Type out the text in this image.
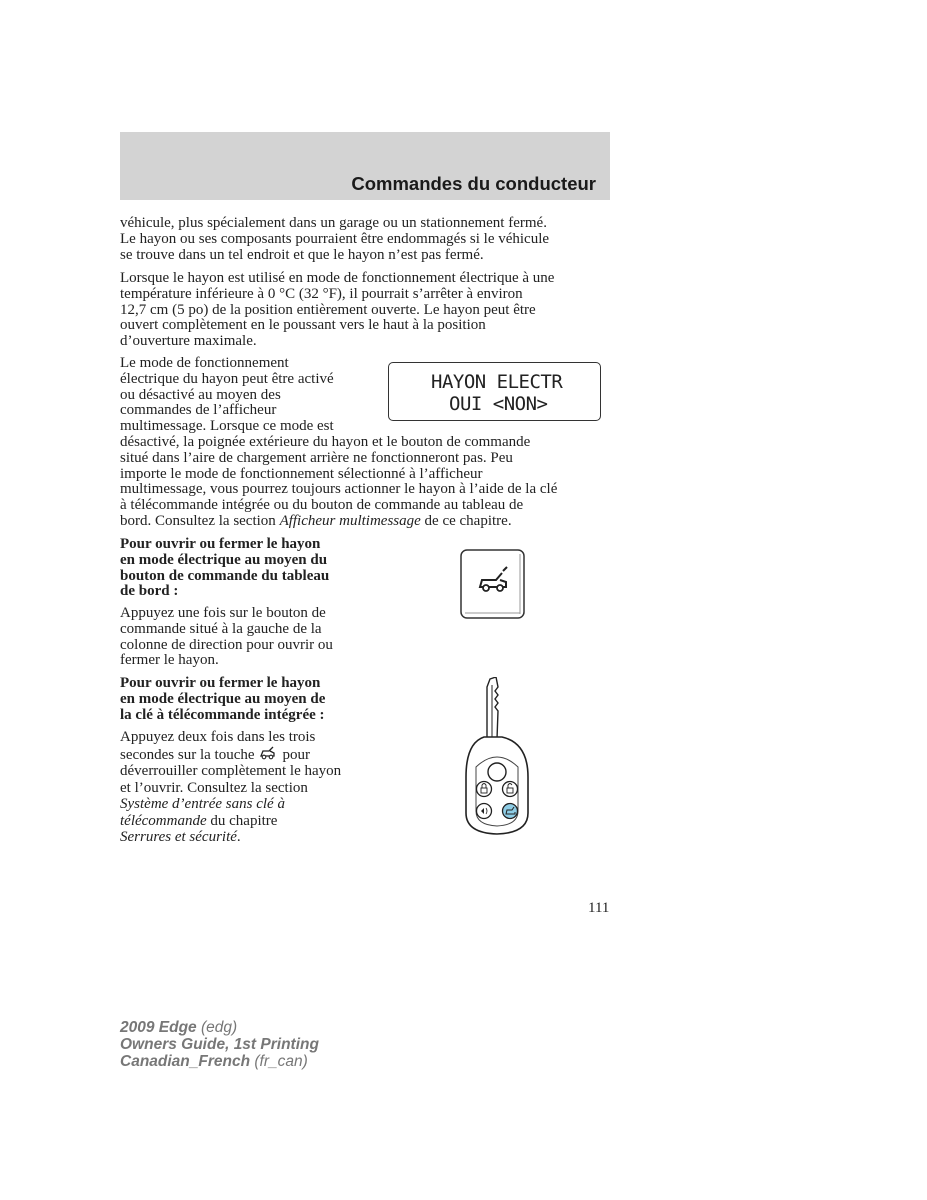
Commandes du conducteur
véhicule, plus spécialement dans un garage ou un stationnement fermé.
Le hayon ou ses composants pourraient être endommagés si le véhicule
se trouve dans un tel endroit et que le hayon n’est pas fermé.
Lorsque le hayon est utilisé en mode de fonctionnement électrique à une
température inférieure à 0 °C (32 °F), il pourrait s’arrêter à environ
12,7 cm (5 po) de la position entièrement ouverte. Le hayon peut être
ouvert complètement en le poussant vers le haut à la position
d’ouverture maximale.
Le mode de fonctionnement
électrique du hayon peut être activé
ou désactivé au moyen des
commandes de l’afficheur
multimessage. Lorsque ce mode est
désactivé, la poignée extérieure du hayon et le bouton de commande
situé dans l’aire de chargement arrière ne fonctionneront pas. Peu
importe le mode de fonctionnement sélectionné à l’afficheur
multimessage, vous pourrez toujours actionner le hayon à l’aide de la clé
à télécommande intégrée ou du bouton de commande au tableau de
bord. Consultez la section Afficheur multimessage de ce chapitre.
HAYON ELECTR
OUI <NON>
Pour ouvrir ou fermer le hayon
en mode électrique au moyen du
bouton de commande du tableau
de bord :
Appuyez une fois sur le bouton de
commande situé à la gauche de la
colonne de direction pour ouvrir ou
fermer le hayon.
Pour ouvrir ou fermer le hayon
en mode électrique au moyen de
la clé à télécommande intégrée :
Appuyez deux fois dans les trois
secondes sur la touche pour
déverrouiller complètement le hayon
et l’ouvrir. Consultez la section
Système d’entrée sans clé à
télécommande du chapitre
Serrures et sécurité.
111
2009 Edge (edg)
Owners Guide, 1st Printing
Canadian_French (fr_can)
